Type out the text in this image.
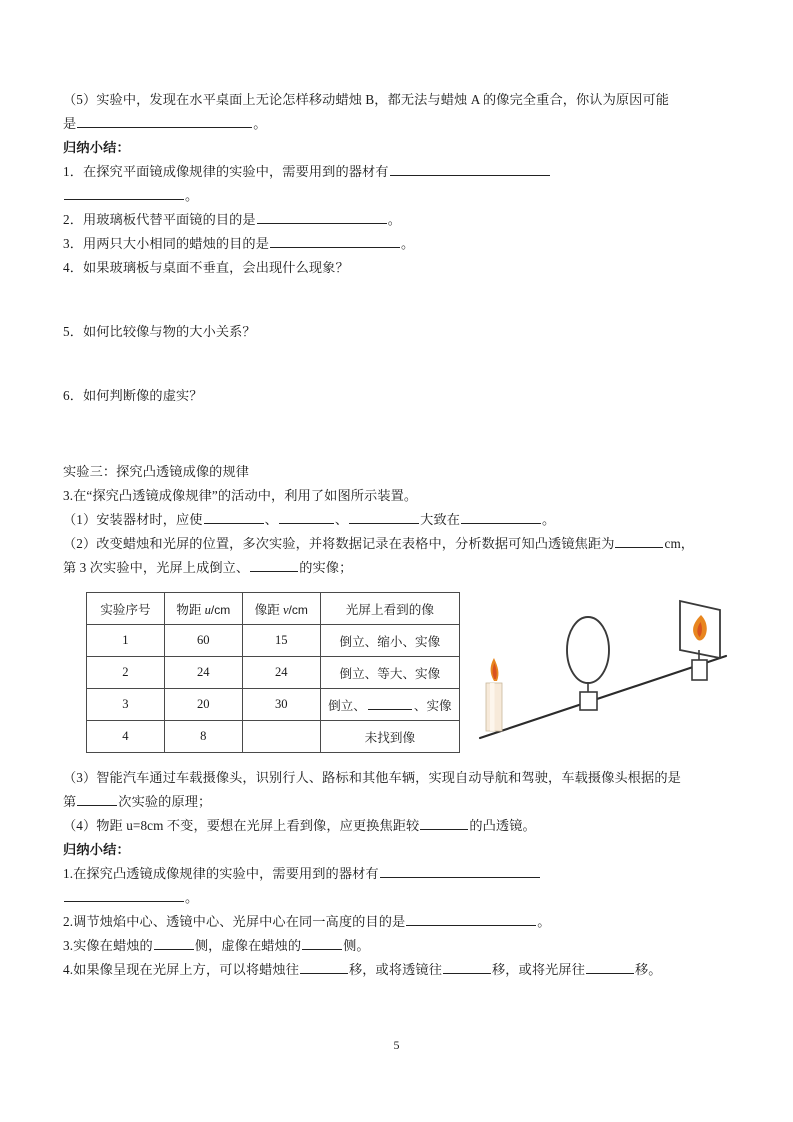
（5）实验中，发现在水平桌面上无论怎样移动蜡烛 B，都无法与蜡烛 A 的像完全重合，你认为原因可能

是	。

归纳小结：

1．在探究平面镜成像规律的实验中，需要用到的器材有

。

2．用玻璃板代替平面镜的目的是	。

3．用两只大小相同的蜡烛的目的是	。

4．如果玻璃板与桌面不垂直，会出现什么现象？

5．如何比较像与物的大小关系？

6．如何判断像的虚实？

实验三：探究凸透镜成像的规律

3.在“探究凸透镜成像规律”的活动中，利用了如图所示装置。

（1）安装器材时，应使	、	、	大致在	。

（2）改变蜡烛和光屏的位置，多次实验，并将数据记录在表格中，分析数据可知凸透镜焦距为	cm，

第 3 次实验中，光屏上成倒立、	的实像；

实验序号	物距 u/cm	像距 v/cm	光屏上看到的像
1	60	15	倒立、缩小、实像
2	24	24	倒立、等大、实像
3	20	30	倒立、 、实像
4	8		未找到像

（3）智能汽车通过车载摄像头，识别行人、路标和其他车辆，实现自动导航和驾驶，车载摄像头根据的是

第	次实验的原理；

（4）物距 u=8cm 不变，要想在光屏上看到像，应更换焦距较	的凸透镜。

归纳小结：

1.在探究凸透镜成像规律的实验中，需要用到的器材有

。

2.调节烛焰中心、透镜中心、光屏中心在同一高度的目的是	。

3.实像在蜡烛的	侧，虚像在蜡烛的	侧。

4.如果像呈现在光屏上方，可以将蜡烛往	移，或将透镜往	移，或将光屏往	移。

5
